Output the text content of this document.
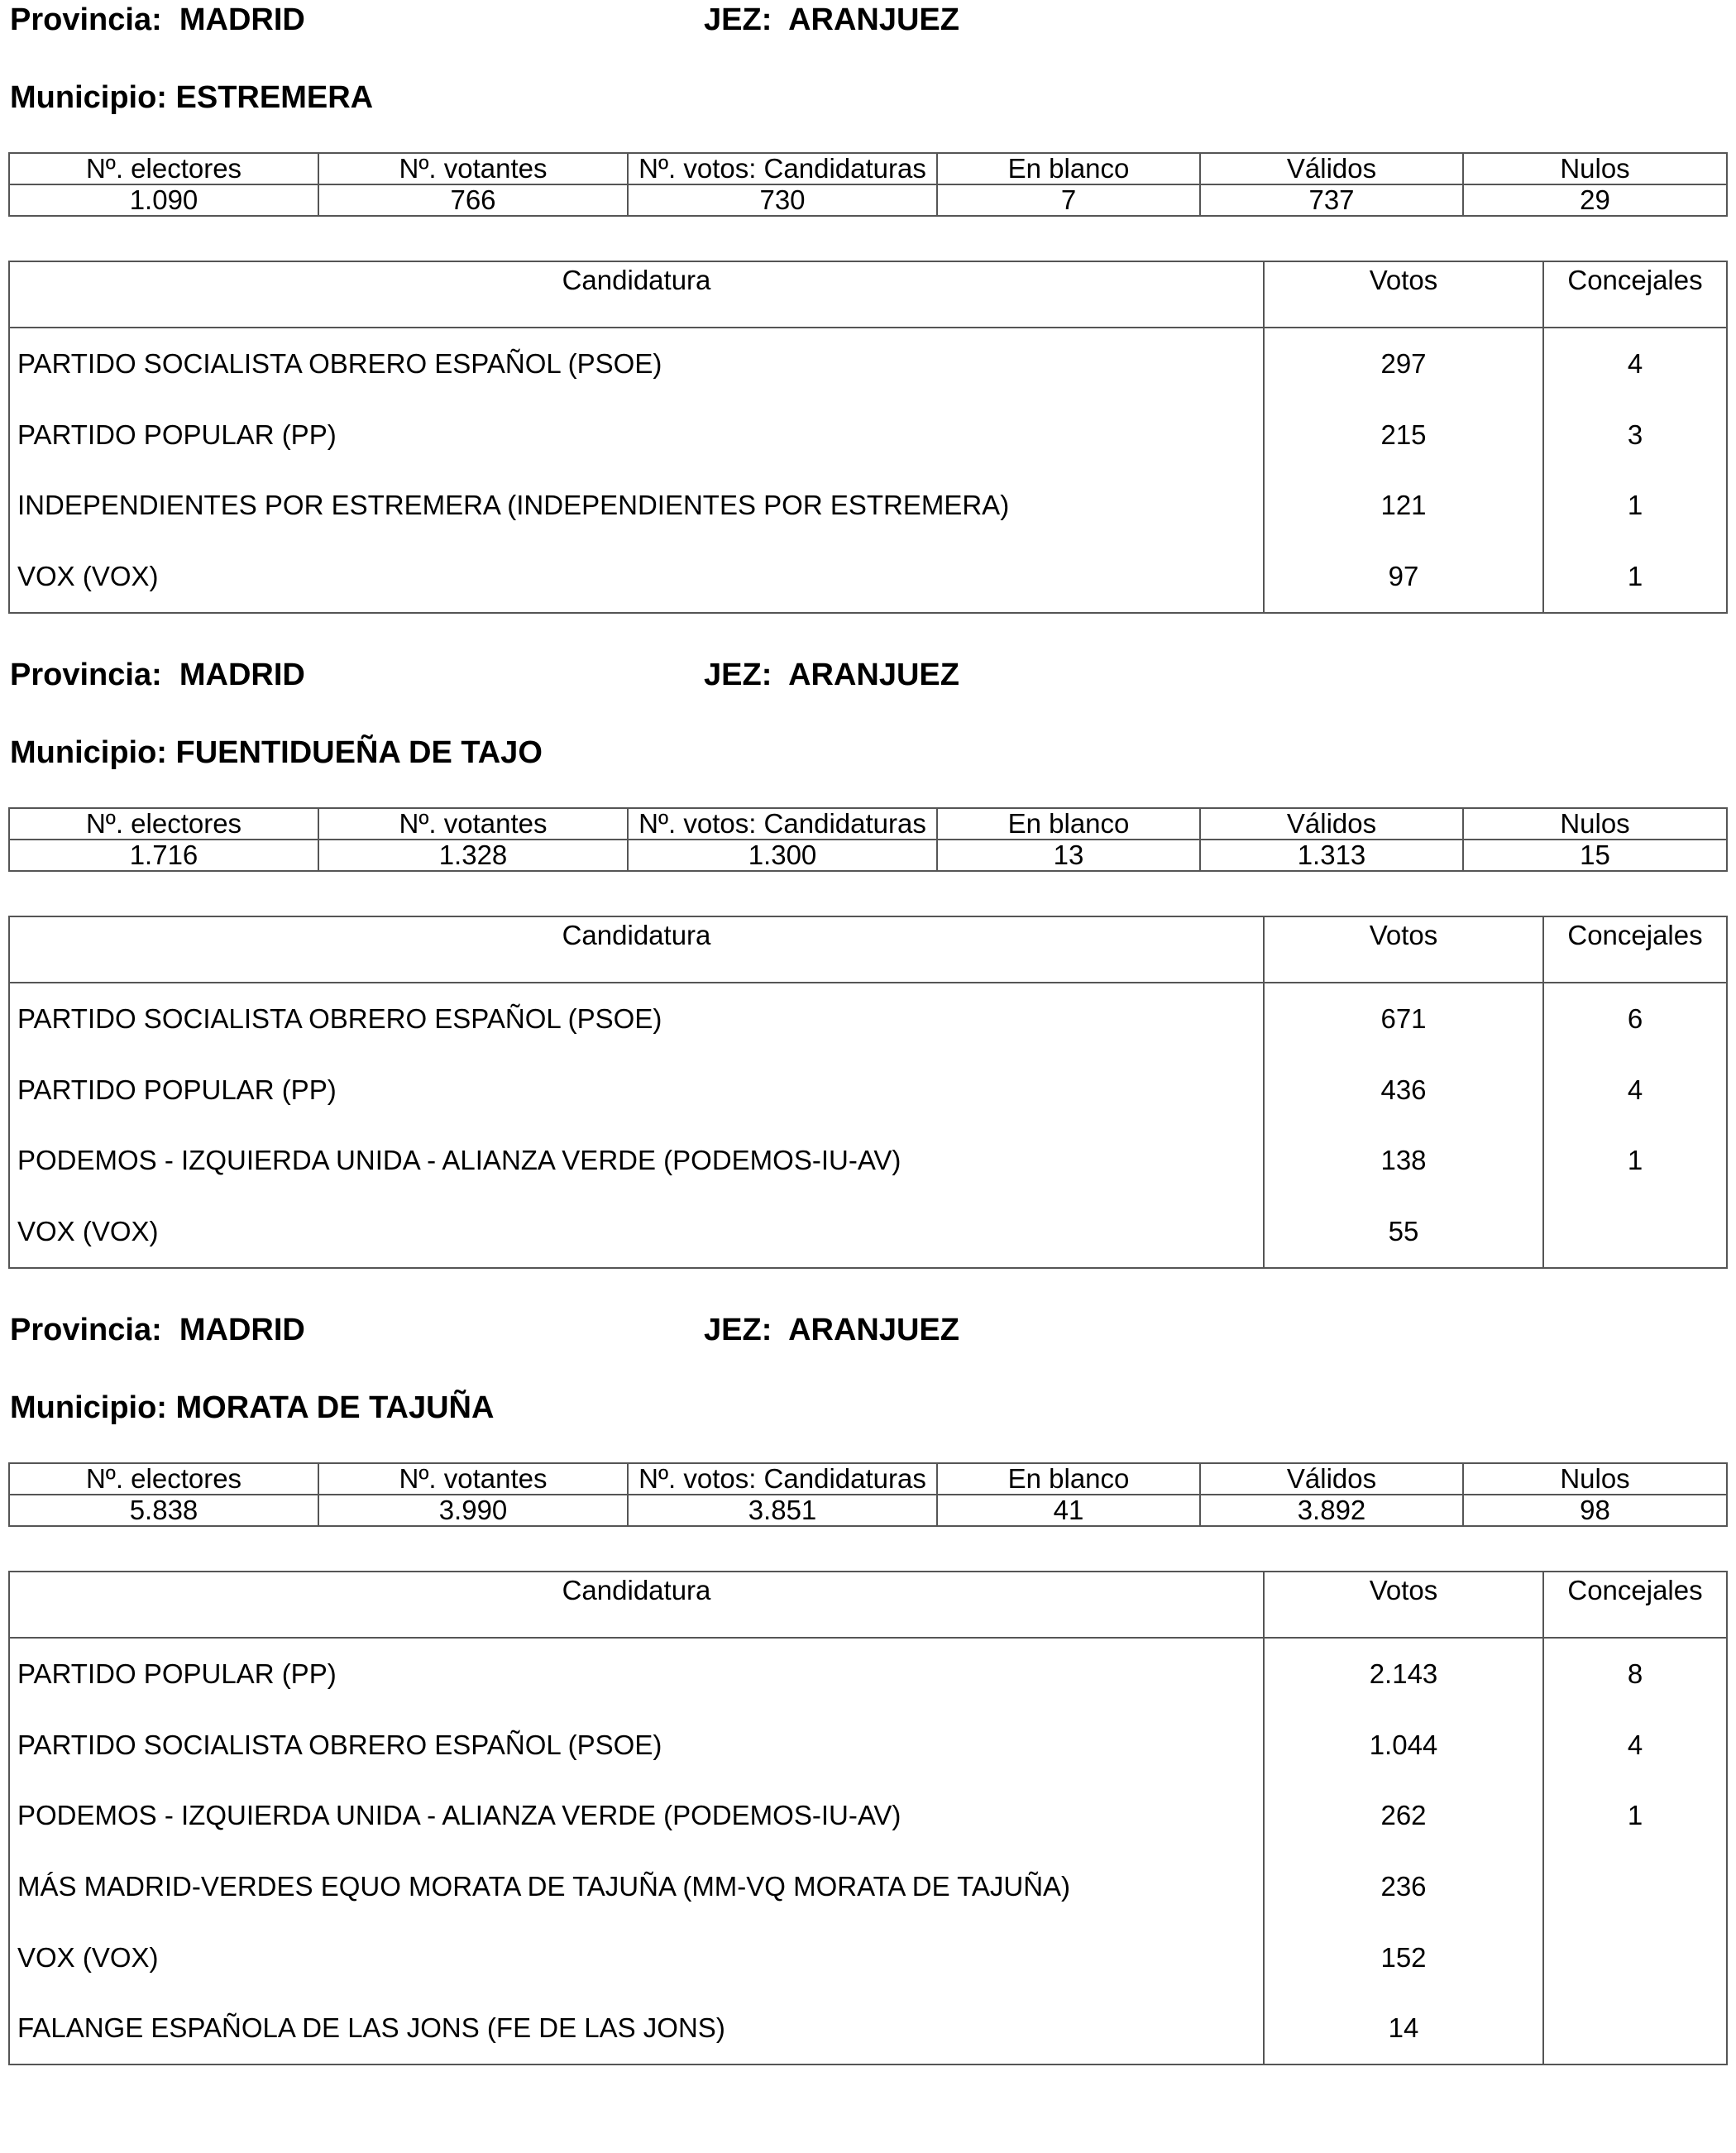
Provincia: MADRID	JEZ: ARANJUEZ
Municipio: ESTREMERA
Nº. electores	Nº. votantes	Nº. votos: Candidaturas	En blanco	Válidos	Nulos
1.090	766	730	7	737	29
Candidatura	Votos	Concejales
PARTIDO SOCIALISTA OBRERO ESPAÑOL (PSOE)	297	4
PARTIDO POPULAR (PP)	215	3
INDEPENDIENTES POR ESTREMERA (INDEPENDIENTES POR ESTREMERA)	121	1
VOX (VOX)	97	1
Provincia: MADRID	JEZ: ARANJUEZ
Municipio: FUENTIDUEÑA DE TAJO
Nº. electores	Nº. votantes	Nº. votos: Candidaturas	En blanco	Válidos	Nulos
1.716	1.328	1.300	13	1.313	15
Candidatura	Votos	Concejales
PARTIDO SOCIALISTA OBRERO ESPAÑOL (PSOE)	671	6
PARTIDO POPULAR (PP)	436	4
PODEMOS - IZQUIERDA UNIDA - ALIANZA VERDE (PODEMOS-IU-AV)	138	1
VOX (VOX)	55	
Provincia: MADRID	JEZ: ARANJUEZ
Municipio: MORATA DE TAJUÑA
Nº. electores	Nº. votantes	Nº. votos: Candidaturas	En blanco	Válidos	Nulos
5.838	3.990	3.851	41	3.892	98
Candidatura	Votos	Concejales
PARTIDO POPULAR (PP)	2.143	8
PARTIDO SOCIALISTA OBRERO ESPAÑOL (PSOE)	1.044	4
PODEMOS - IZQUIERDA UNIDA - ALIANZA VERDE (PODEMOS-IU-AV)	262	1
MÁS MADRID-VERDES EQUO MORATA DE TAJUÑA (MM-VQ MORATA DE TAJUÑA)	236	
VOX (VOX)	152	
FALANGE ESPAÑOLA DE LAS JONS (FE DE LAS JONS)	14	
